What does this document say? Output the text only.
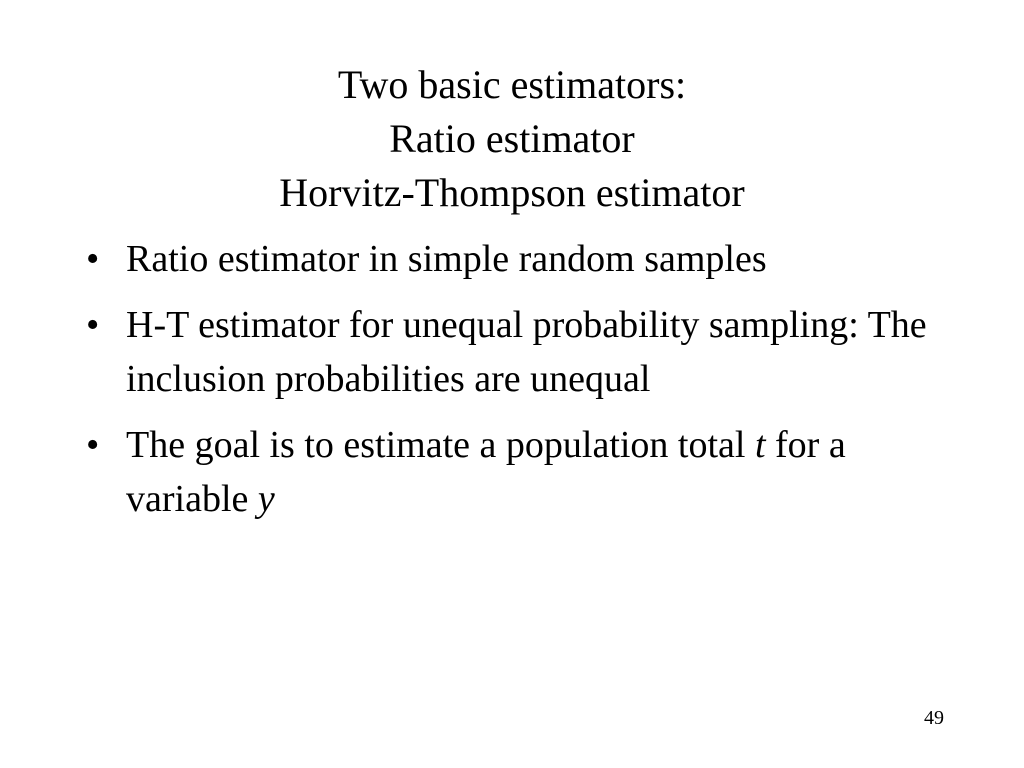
Two basic estimators:
Ratio estimator
Horvitz-Thompson estimator
• Ratio estimator in simple random samples
• H-T estimator for unequal probability sampling: The inclusion probabilities are unequal
• The goal is to estimate a population total t for a variable y
49
